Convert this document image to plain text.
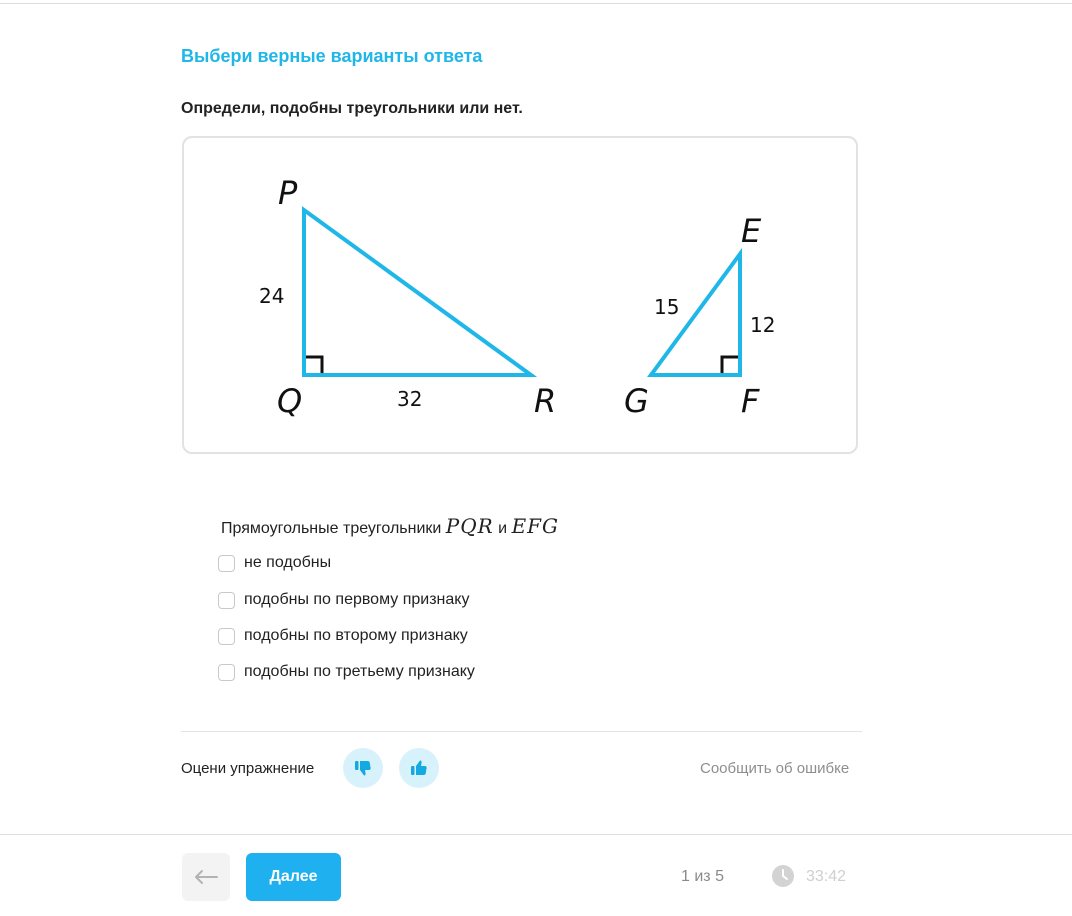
Выбери верные варианты ответа
Определи, подобны треугольники или нет.
P
Q	R
24
32
E
F
G
15
12
Прямоугольные треугольники PQR и EFG
не подобны
подобны по первому признаку
подобны по второму признаку
подобны по третьему признаку
Оцени упражнение	Сообщить об ошибке
Далее	1 из 5	33:42
